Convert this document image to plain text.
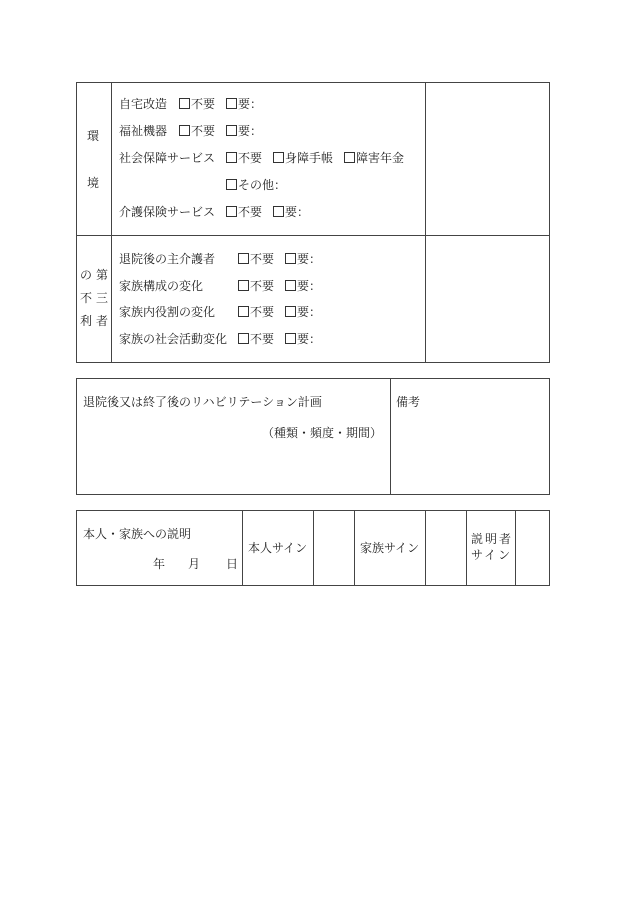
環
境
自宅改造	不要	要：
福祉機器	不要	要：
社会保障サービス	不要	身障手帳	障害年金
その他：
介護保険サービス	不要	要：
第三者
の不利
退院後の主介護者	不要	要：
家族構成の変化	不要	要：
家族内役割の変化	不要	要：
家族の社会活動変化	不要	要：
退院後又は終了後のリハビリテーション計画
（種類・頻度・期間）
備考
本人・家族への説明
年 月 日
本人サイン	家族サイン
説明者
サイン
